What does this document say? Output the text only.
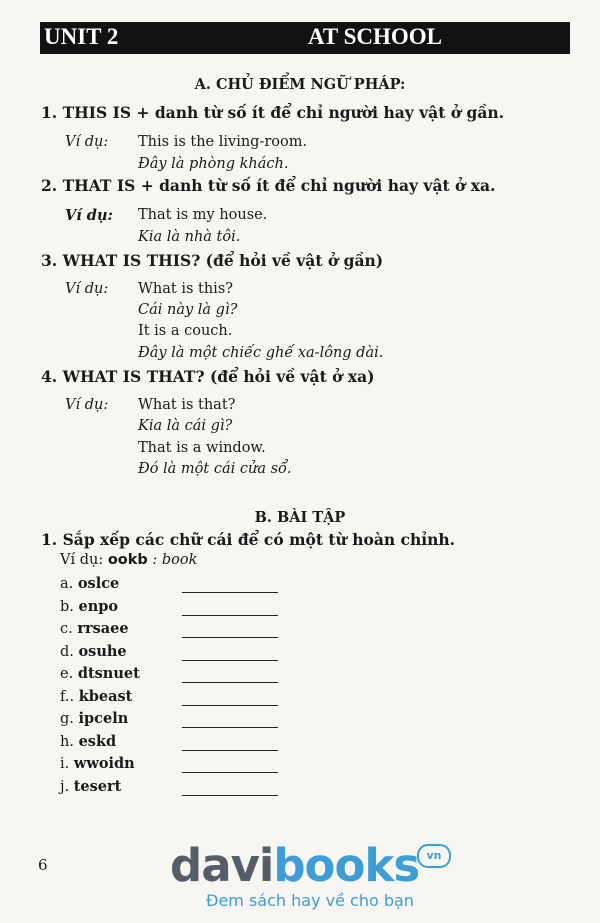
UNIT 2	AT SCHOOL
A. CHỦ ĐIỂM NGỮ PHÁP:
1. THIS IS + danh từ số ít để chỉ người hay vật ở gần.
Ví dụ: This is the living-room.
Đây là phòng khách.
2. THAT IS + danh từ số ít để chỉ người hay vật ở xa.
Ví dụ: That is my house.
Kia là nhà tôi.
3. WHAT IS THIS? (để hỏi về vật ở gần)
Ví dụ: What is this?
Cái này là gì?
It is a couch.
Đây là một chiếc ghế xa-lông dài.
4. WHAT IS THAT? (để hỏi về vật ở xa)
Ví dụ: What is that?
Kia là cái gì?
That is a window.
Đó là một cái cửa sổ.
B. BÀI TẬP
1. Sắp xếp các chữ cái để có một từ hoàn chỉnh.
Ví dụ: ookb : book
a. oslce
b. enpo
c. rrsaee
d. osuhe
e. dtsnuet
f.. kbeast
g. ipceln
h. eskd
i. wwoidn
j. tesert
6	davibooks vn
Đem sách hay về cho bạn
